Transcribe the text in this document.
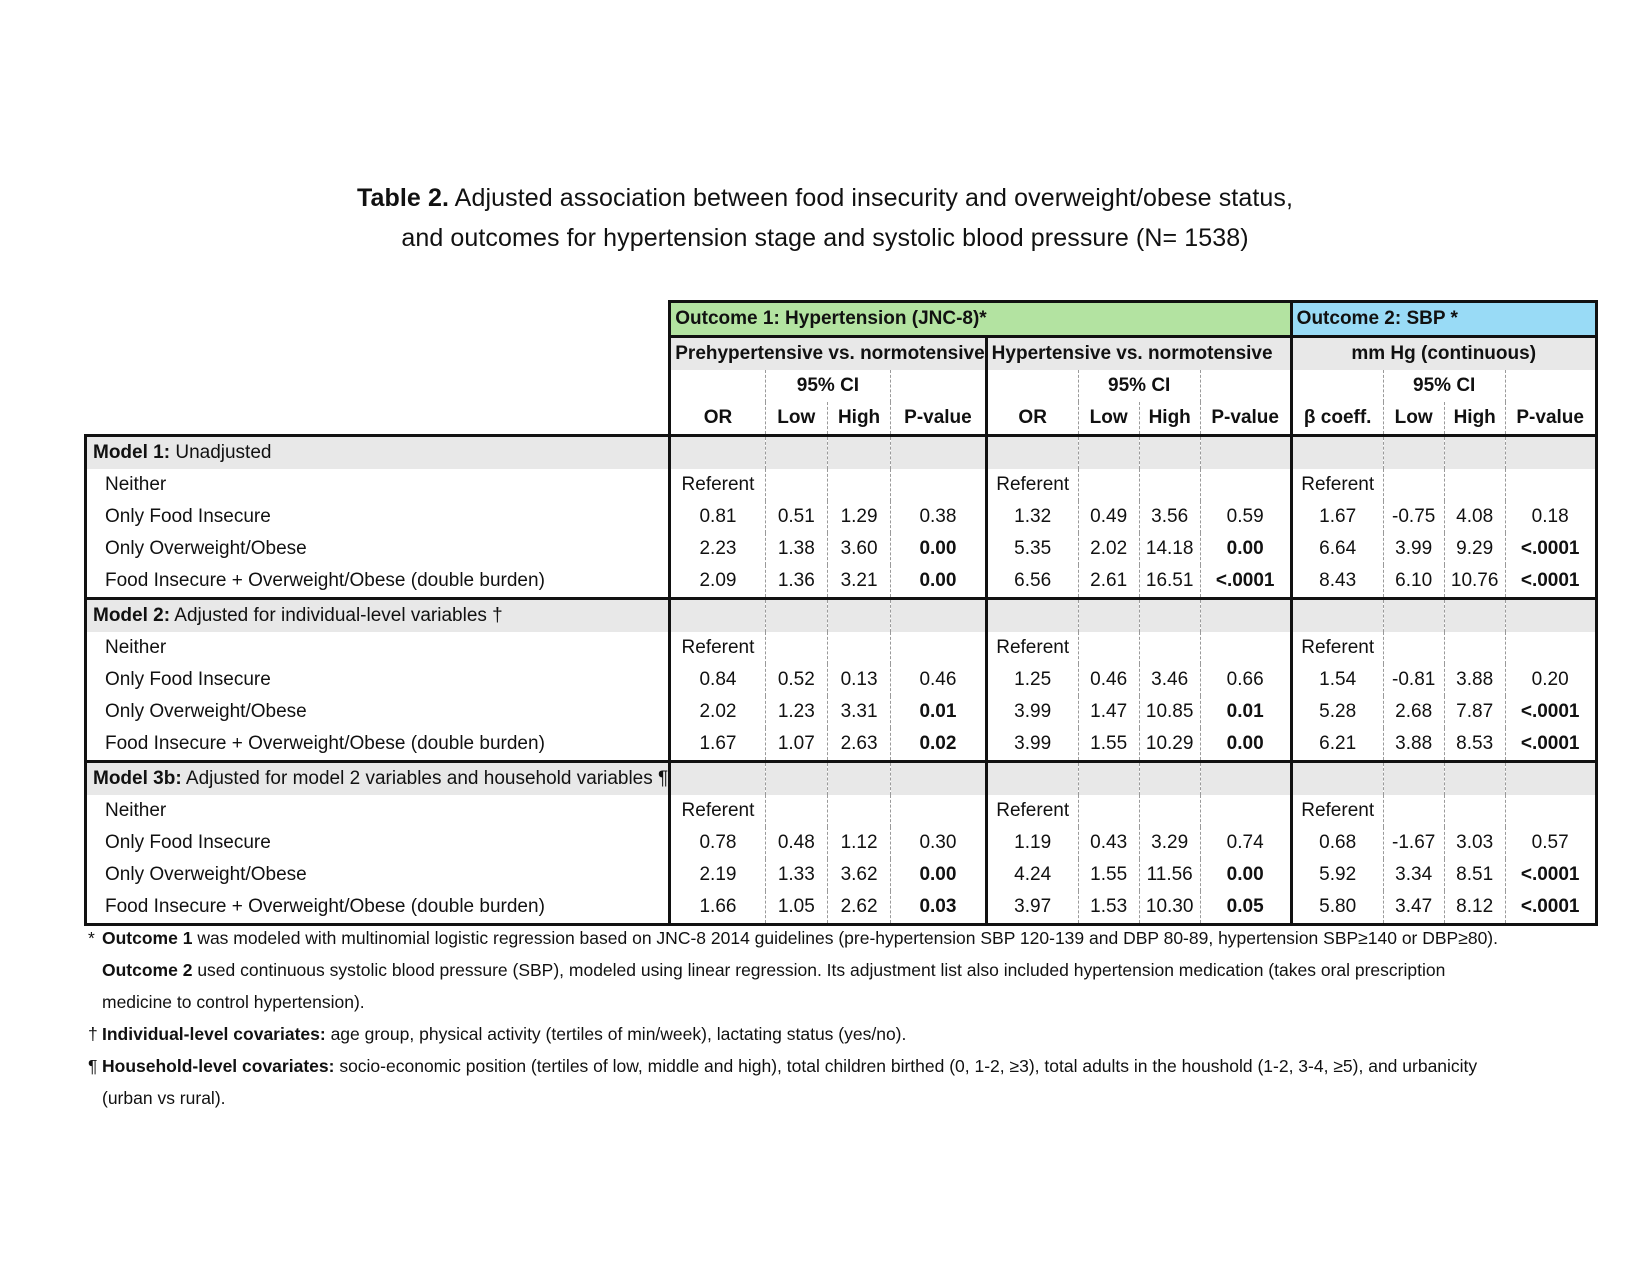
Table 2. Adjusted association between food insecurity and overweight/obese status,
and outcomes for hypertension stage and systolic blood pressure (N= 1538)
	Outcome 1: Hypertension (JNC-8)*								Outcome 2: SBP *			
	Prehypertensive vs. normotensive				Hypertensive vs. normotensive				mm Hg (continuous)			
		95% CI				95% CI				95% CI		
	OR	Low	High	P-value	OR	Low	High	P-value	β coeff.	Low	High	P-value
Model 1: Unadjusted												
Neither	Referent				Referent				Referent			
Only Food Insecure	0.81	0.51	1.29	0.38	1.32	0.49	3.56	0.59	1.67	-0.75	4.08	0.18
Only Overweight/Obese	2.23	1.38	3.60	0.00	5.35	2.02	14.18	0.00	6.64	3.99	9.29	<.0001
Food Insecure + Overweight/Obese (double burden)	2.09	1.36	3.21	0.00	6.56	2.61	16.51	<.0001	8.43	6.10	10.76	<.0001
Model 2: Adjusted for individual-level variables †												
Neither	Referent				Referent				Referent			
Only Food Insecure	0.84	0.52	0.13	0.46	1.25	0.46	3.46	0.66	1.54	-0.81	3.88	0.20
Only Overweight/Obese	2.02	1.23	3.31	0.01	3.99	1.47	10.85	0.01	5.28	2.68	7.87	<.0001
Food Insecure + Overweight/Obese (double burden)	1.67	1.07	2.63	0.02	3.99	1.55	10.29	0.00	6.21	3.88	8.53	<.0001
Model 3b: Adjusted for model 2 variables and household variables ¶												
Neither	Referent				Referent				Referent			
Only Food Insecure	0.78	0.48	1.12	0.30	1.19	0.43	3.29	0.74	0.68	-1.67	3.03	0.57
Only Overweight/Obese	2.19	1.33	3.62	0.00	4.24	1.55	11.56	0.00	5.92	3.34	8.51	<.0001
Food Insecure + Overweight/Obese (double burden)	1.66	1.05	2.62	0.03	3.97	1.53	10.30	0.05	5.80	3.47	8.12	<.0001
* Outcome 1 was modeled with multinomial logistic regression based on JNC-8 2014 guidelines (pre-hypertension SBP 120-139 and DBP 80-89, hypertension SBP≥140 or DBP≥80). Outcome 2 used continuous systolic blood pressure (SBP), modeled using linear regression. Its adjustment list also included hypertension medication (takes oral prescription medicine to control hypertension).
† Individual-level covariates: age group, physical activity (tertiles of min/week), lactating status (yes/no).
¶ Household-level covariates: socio-economic position (tertiles of low, middle and high), total children birthed (0, 1-2, ≥3), total adults in the houshold (1-2, 3-4, ≥5), and urbanicity (urban vs rural).
